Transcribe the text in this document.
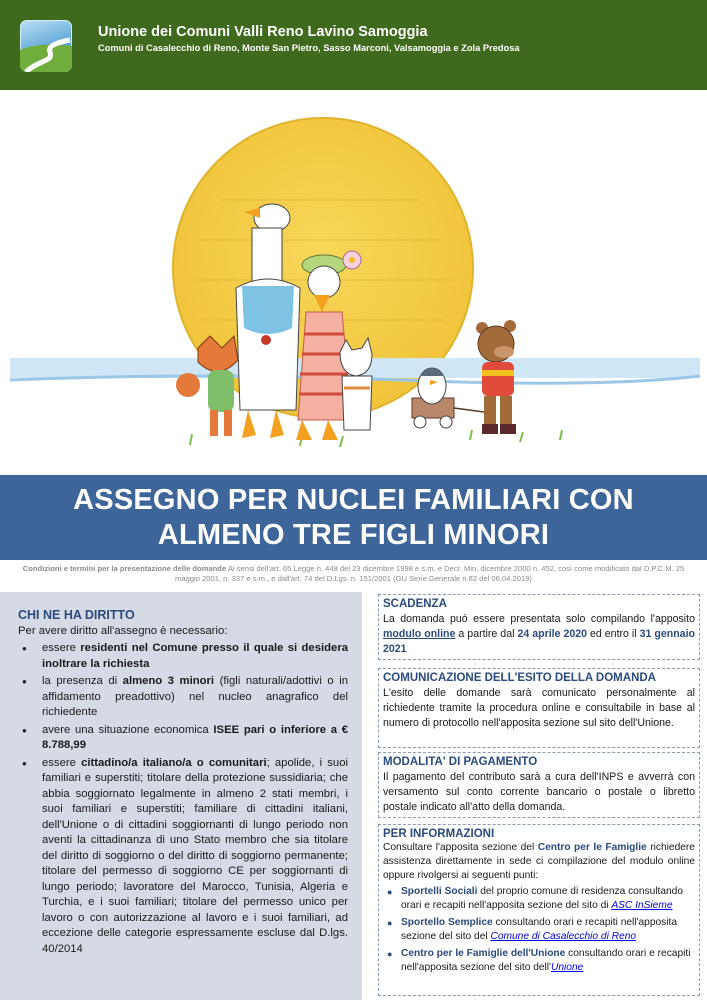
Unione dei Comuni Valli Reno Lavino Samoggia
Comuni di Casalecchio di Reno, Monte San Pietro, Sasso Marconi, Valsamoggia e Zola Predosa
ASSEGNO PER NUCLEI FAMILIARI CON
ALMENO TRE FIGLI MINORI
Condizioni e termini per la presentazione delle domande Ai sensi dell'art. 65 Legge n. 448 del 23 dicembre 1998 e s.m. e Decr. Min. dicembre 2000 n. 452, così come modificato dal D.P.C.M. 25 maggio 2001, n. 337 e s.m., e dall'art. 74 del D.Lgs. n. 151/2001 (GU Serie Generale n.82 del 06.04.2019)
CHI NE HA DIRITTO
Per avere diritto all'assegno è necessario:
● essere residenti nel Comune presso il quale si desidera inoltrare la richiesta
● la presenza di almeno 3 minori (figli naturali/adottivi o in affidamento preadottivo) nel nucleo anagrafico del richiedente
● avere una situazione economica ISEE pari o inferiore a € 8.788,99
● essere cittadino/a italiano/a o comunitari; apolide, i suoi familiari e superstiti; titolare della protezione sussidiaria; che abbia soggiornato legalmente in almeno 2 stati membri, i suoi familiari e superstiti; familiare di cittadini italiani, dell'Unione o di cittadini soggiornanti di lungo periodo non aventi la cittadinanza di uno Stato membro che sia titolare del diritto di soggiorno o del diritto di soggiorno permanente; titolare del permesso di soggiorno CE per soggiornanti di lungo periodo; lavoratore del Marocco, Tunisia, Algeria e Turchia, e i suoi familiari; titolare del permesso unico per lavoro o con autorizzazione al lavoro e i suoi familiari, ad eccezione delle categorie espressamente escluse dal D.lgs. 40/2014
SCADENZA

La domanda può essere presentata solo compilando l'apposito modulo online a partire dal 24 aprile 2020 ed entro il 31 gennaio 2021

COMUNICAZIONE DELL'ESITO DELLA DOMANDA

L'esito delle domande sarà comunicato personalmente al richiedente tramite la procedura online e consultabile in base al numero di protocollo nell'apposita sezione sul sito dell'Unione.

MODALITA' DI PAGAMENTO

Il pagamento del contributo sarà a cura dell'INPS e avverrà con versamento sul conto corrente bancario o postale o libretto postale indicato all'atto della domanda.

PER INFORMAZIONI

Consultare l'apposita sezione del Centro per le Famiglie richiedere assistenza direttamente in sede ci compilazione del modulo online oppure rivolgersi ai seguenti punti:

● Sportelli Sociali del proprio comune di residenza consultando orari e recapiti nell'apposita sezione del sito di ASC InSieme
● Sportello Semplice consultando orari e recapiti nell'apposita sezione del sito del Comune di Casalecchio di Reno
● Centro per le Famiglie dell'Unione consultando orari e recapiti nell'apposita sezione del sito dell'Unione
